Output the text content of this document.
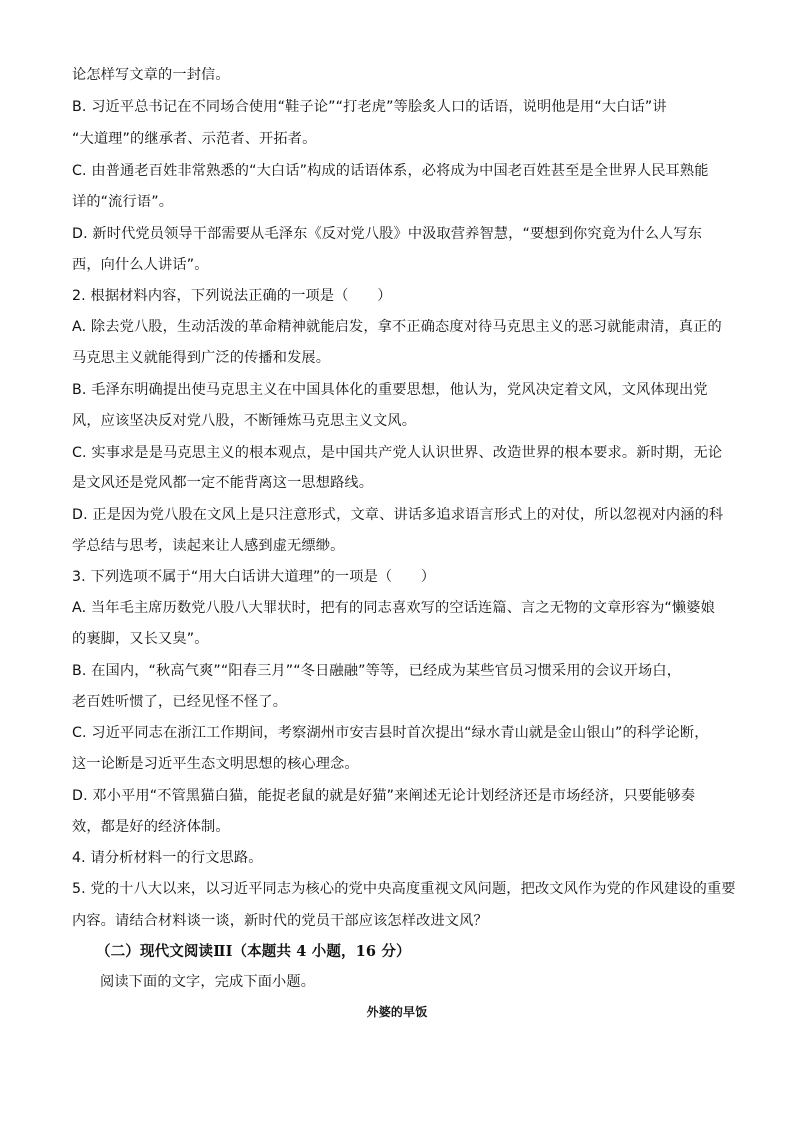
论怎样写文章的一封信。
B. 习近平总书记在不同场合使用“鞋子论”“打老虎”等脍炙人口的话语，说明他是用“大白话”讲
“大道理”的继承者、示范者、开拓者。
C. 由普通老百姓非常熟悉的“大白话”构成的话语体系，必将成为中国老百姓甚至是全世界人民耳熟能
详的“流行语”。
D. 新时代党员领导干部需要从毛泽东《反对党八股》中汲取营养智慧，“要想到你究竟为什么人写东
西，向什么人讲话”。
2. 根据材料内容，下列说法正确的一项是（　　）
A. 除去党八股，生动活泼的革命精神就能启发，拿不正确态度对待马克思主义的恶习就能肃清，真正的
马克思主义就能得到广泛的传播和发展。
B. 毛泽东明确提出使马克思主义在中国具体化的重要思想，他认为，党风决定着文风，文风体现出党
风，应该坚决反对党八股，不断锤炼马克思主义文风。
C. 实事求是是马克思主义的根本观点，是中国共产党人认识世界、改造世界的根本要求。新时期，无论
是文风还是党风都一定不能背离这一思想路线。
D. 正是因为党八股在文风上是只注意形式，文章、讲话多追求语言形式上的对仗，所以忽视对内涵的科
学总结与思考，读起来让人感到虚无缥缈。
3. 下列选项不属于“用大白话讲大道理”的一项是（　　）
A. 当年毛主席历数党八股八大罪状时，把有的同志喜欢写的空话连篇、言之无物的文章形容为“懒婆娘
的裹脚，又长又臭”。
B. 在国内，“秋高气爽”“阳春三月”“冬日融融”等等，已经成为某些官员习惯采用的会议开场白，
老百姓听惯了，已经见怪不怪了。
C. 习近平同志在浙江工作期间，考察湖州市安吉县时首次提出“绿水青山就是金山银山”的科学论断，
这一论断是习近平生态文明思想的核心理念。
D. 邓小平用“不管黑猫白猫，能捉老鼠的就是好猫”来阐述无论计划经济还是市场经济，只要能够奏
效，都是好的经济体制。
4. 请分析材料一的行文思路。
5. 党的十八大以来，以习近平同志为核心的党中央高度重视文风问题，把改文风作为党的作风建设的重要
内容。请结合材料谈一谈，新时代的党员干部应该怎样改进文风？
（二）现代文阅读ⅡⅠ（本题共 4 小题，16 分）
阅读下面的文字，完成下面小题。
外婆的早饭
